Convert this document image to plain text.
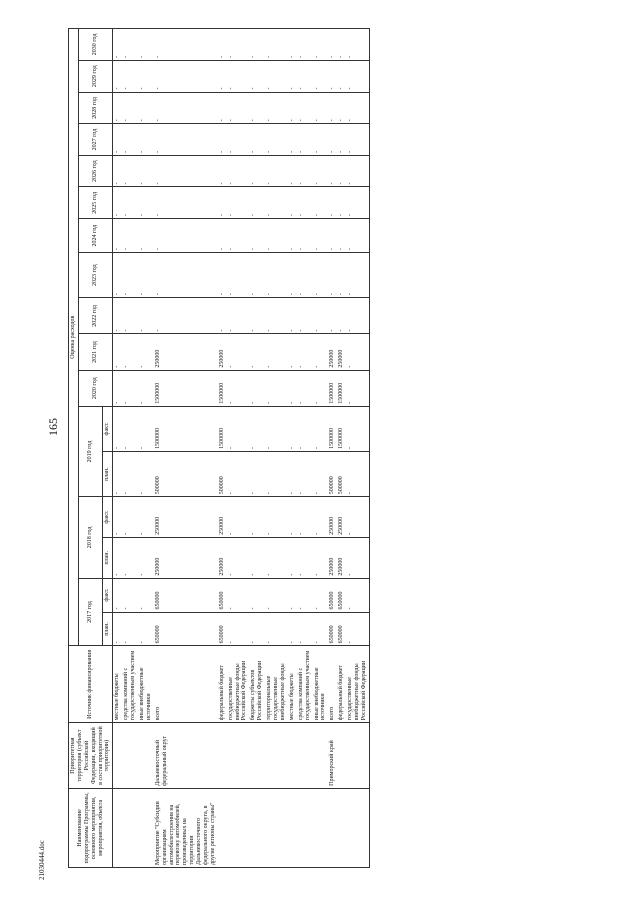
165
21030444.doc
Наименование подпрограммы Программы, основного мероприятия, мероприятия, объекта	Приоритетная территория (субъект Российской Федерации, входящий в состав приоритетной территории)	Источник финансирования	Оценка расходов																
			2017 год		2018 год		2019 год		2020 год	2021 год	2022 год	2023 год	2024 год	2025 год	2026 год	2027 год	2028 год	2029 год	2030 год
			план.	факт.	план.	факт.	план.	факт.											
		местные бюджеты	-	-	-	-	-	-	-	-	-	-	-	-	-	-	-	-	-
		средства компаний с государственным участием	-	-	-	-	-	-	-	-	-	-	-	-	-	-	-	-	-
		иные внебюджетные источники	-	-	-	-	-	-	-	-	-	-	-	-	-	-	-	-	-
Мероприятие "Субсидии организациям автомобилестроения на перевозку автомобилей, произведенных на территории Дальневосточного федерального округа, в другие регионы страны"	Дальневосточный федеральный округ	всего	650000	650000	250000	250000	500000	1500000	1500000	250000	-	-	-	-	-	-	-	-	-
		федеральный бюджет	650000	650000	250000	250000	500000	1500000	1500000	250000	-	-	-	-	-	-	-	-	-
		государственные внебюджетные фонды Российской Федерации	-	-	-	-	-	-	-	-	-	-	-	-	-	-	-	-	-
		бюджеты субъектов Российской Федерации	-	-	-	-	-	-	-	-	-	-	-	-	-	-	-	-	-
		территориальные государственные внебюджетные фонды	-	-	-	-	-	-	-	-	-	-	-	-	-	-	-	-	-
		местные бюджеты	-	-	-	-	-	-	-	-	-	-	-	-	-	-	-	-	-
		средства компаний с государственным участием	-	-	-	-	-	-	-	-	-	-	-	-	-	-	-	-	-
		иные внебюджетные источники	-	-	-	-	-	-	-	-	-	-	-	-	-	-	-	-	-
	Приморский край	всего	650000	650000	250000	250000	500000	1500000	1500000	250000	-	-	-	-	-	-	-	-	-
		федеральный бюджет	650000	650000	250000	250000	500000	1500000	1500000	250000	-	-	-	-	-	-	-	-	-
		государственные внебюджетные фонды Российской Федерации	-	-	-	-	-	-	-	-	-	-	-	-	-	-	-	-	-
